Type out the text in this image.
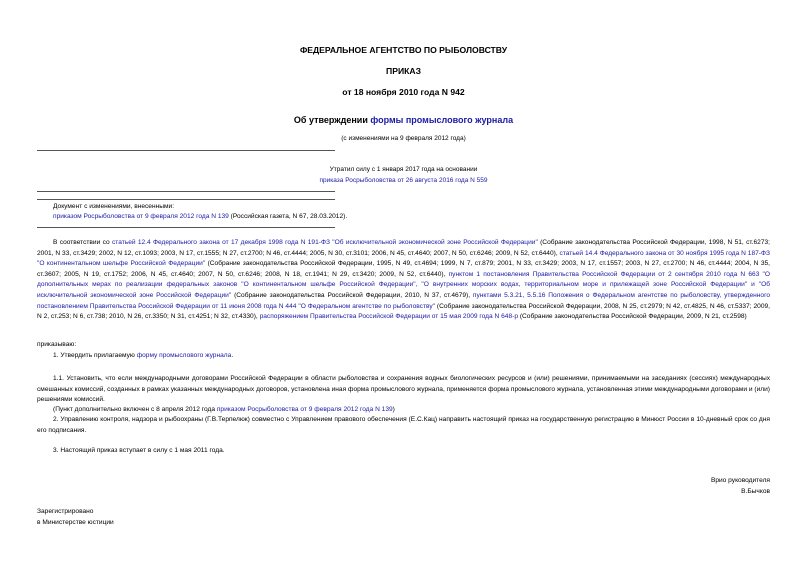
ФЕДЕРАЛЬНОЕ АГЕНТСТВО ПО РЫБОЛОВСТВУ
ПРИКАЗ
от 18 ноября 2010 года N 942
Об утверждении формы промыслового журнала
(с изменениями на 9 февраля 2012 года)
Утратил силу с 1 января 2017 года на основании
приказа Росрыболовства от 26 августа 2016 года N 559
Документ с изменениями, внесенными:
приказом Росрыболовства от 9 февраля 2012 года N 139 (Российская газета, N 67, 28.03.2012).
В соответствии со статьей 12.4 Федерального закона от 17 декабря 1998 года N 191-ФЗ "Об исключительной экономической зоне Российской Федерации" (Собрание законодательства Российской Федерации, 1998, N 51, ст.6273; 2001, N 33, ст.3429; 2002, N 12, ст.1093; 2003, N 17, ст.1555; N 27, ст.2700; N 46, ст.4444; 2005, N 30, ст.3101; 2006, N 45, ст.4640; 2007, N 50, ст.6246; 2009, N 52, ст.6440), статьей 14.4 Федерального закона от 30 ноября 1995 года N 187-ФЗ "О континентальном шельфе Российской Федерации" (Собрание законодательства Российской Федерации, 1995, N 49, ст.4694; 1999, N 7, ст.879; 2001, N 33, ст.3429; 2003, N 17, ст.1557; 2003, N 27, ст.2700; N 46, ст.4444; 2004, N 35, ст.3607; 2005, N 19, ст.1752; 2006, N 45, ст.4640; 2007, N 50, ст.6246; 2008, N 18, ст.1941; N 29, ст.3420; 2009, N 52, ст.6440), пунктом 1 постановления Правительства Российской Федерации от 2 сентября 2010 года N 663 "О дополнительных мерах по реализации федеральных законов "О континентальном шельфе Российской Федерации", "О внутренних морских водах, территориальном море и прилежащей зоне Российской Федерации" и "Об исключительной экономической зоне Российской Федерации" (Собрание законодательства Российской Федерации, 2010, N 37, ст.4679), пунктами 5.3.21, 5.5.16 Положения о Федеральном агентстве по рыболовству, утвержденного постановлением Правительства Российской Федерации от 11 июня 2008 года N 444 "О Федеральном агентстве по рыболовству" (Собрание законодательства Российской Федерации, 2008, N 25, ст.2979; N 42, ст.4825, N 46, ст.5337; 2009, N 2, ст.253; N 6, ст.738; 2010, N 26, ст.3350; N 31, ст.4251; N 32, ст.4330), распоряжением Правительства Российской Федерации от 15 мая 2009 года N 648-р (Собрание законодательства Российской Федерации, 2009, N 21, ст.2598)
приказываю:
1. Утвердить прилагаемую форму промыслового журнала.
1.1. Установить, что если международными договорами Российской Федерации в области рыболовства и сохранения водных биологических ресурсов и (или) решениями, принимаемыми на заседаниях (сессиях) международных смешанных комиссий, созданных в рамках указанных международных договоров, установлена иная форма промыслового журнала, применяется форма промыслового журнала, установленная этими международными договорами и (или) решениями комиссий.
(Пункт дополнительно включен с 8 апреля 2012 года приказом Росрыболовства от 9 февраля 2012 года N 139)
2. Управлению контроля, надзора и рыбоохраны (Г.В.Терпелюк) совместно с Управлением правового обеспечения (Е.С.Кац) направить настоящий приказ на государственную регистрацию в Минюст России в 10-дневный срок со дня его подписания.
3. Настоящий приказ вступает в силу с 1 мая 2011 года.
Врио руководителя
В.Бычков
Зарегистрировано
в Министерстве юстиции
